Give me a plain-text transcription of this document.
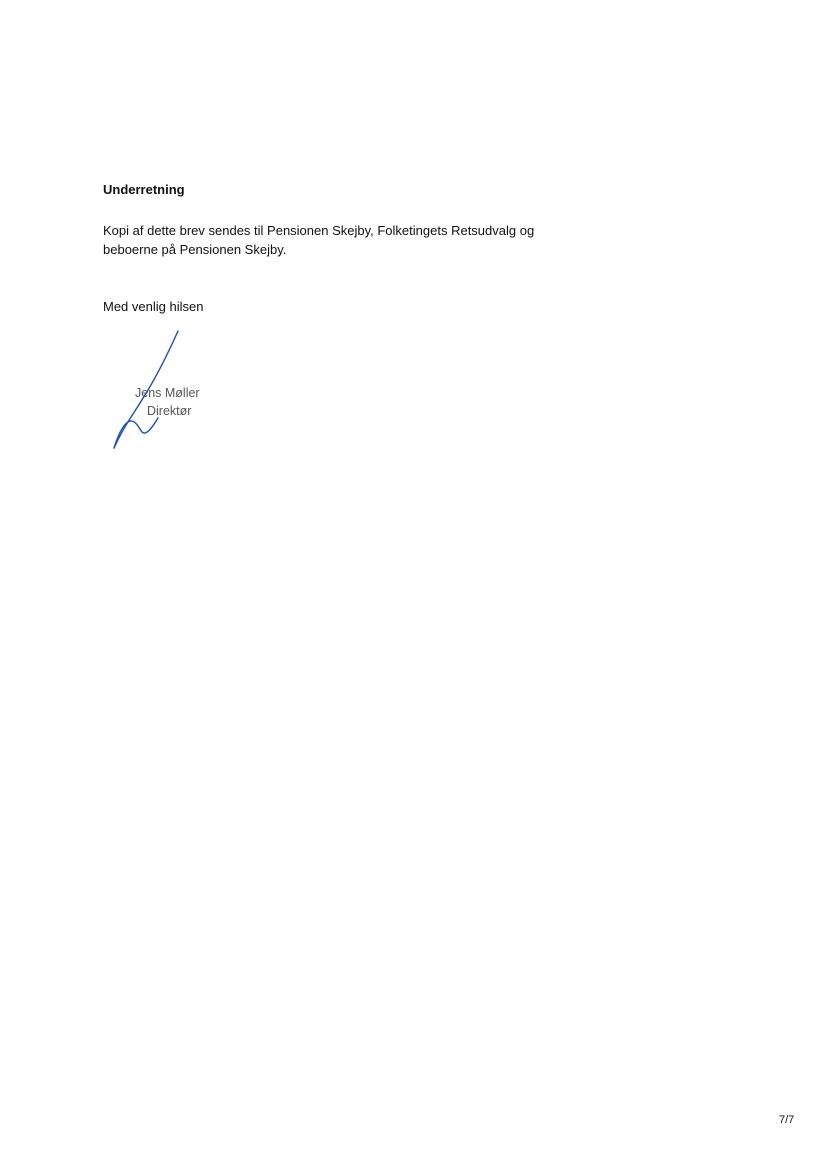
Underretning

Kopi af dette brev sendes til Pensionen Skejby, Folketingets Retsudvalg og
beboerne på Pensionen Skejby.

Med venlig hilsen

Jens Møller
Direktør
7/7
